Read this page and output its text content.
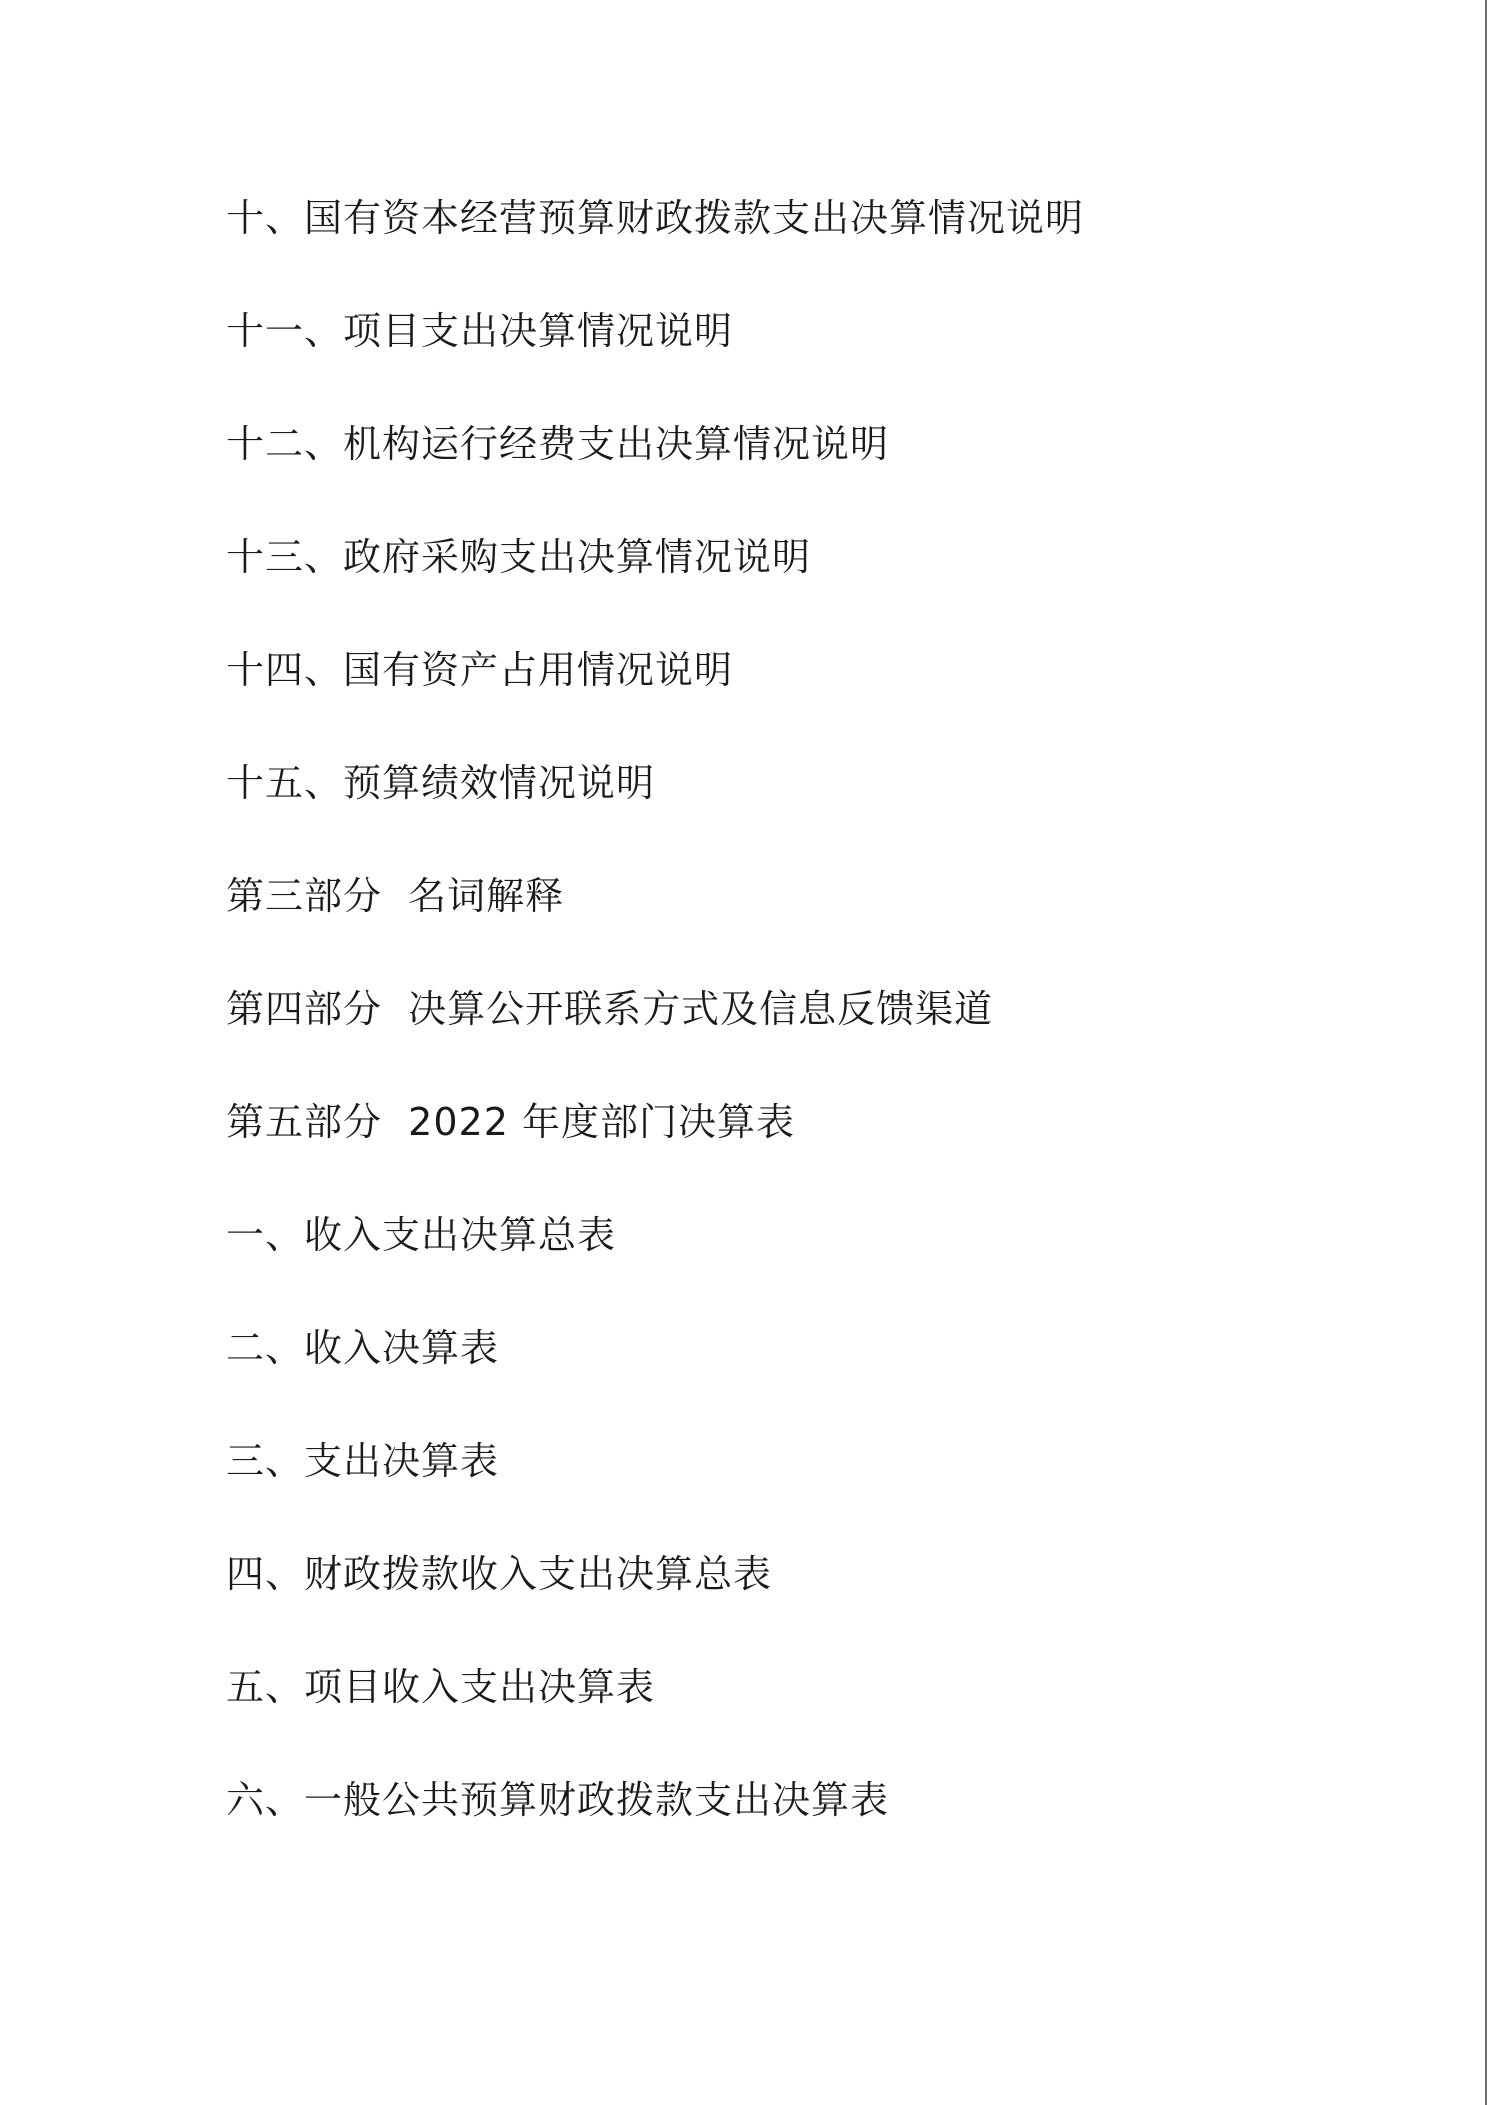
十、国有资本经营预算财政拨款支出决算情况说明
十一、项目支出决算情况说明
十二、机构运行经费支出决算情况说明
十三、政府采购支出决算情况说明
十四、国有资产占用情况说明
十五、预算绩效情况说明
第三部分  名词解释
第四部分  决算公开联系方式及信息反馈渠道
第五部分  2022 年度部门决算表
一、收入支出决算总表
二、收入决算表
三、支出决算表
四、财政拨款收入支出决算总表
五、项目收入支出决算表
六、一般公共预算财政拨款支出决算表
